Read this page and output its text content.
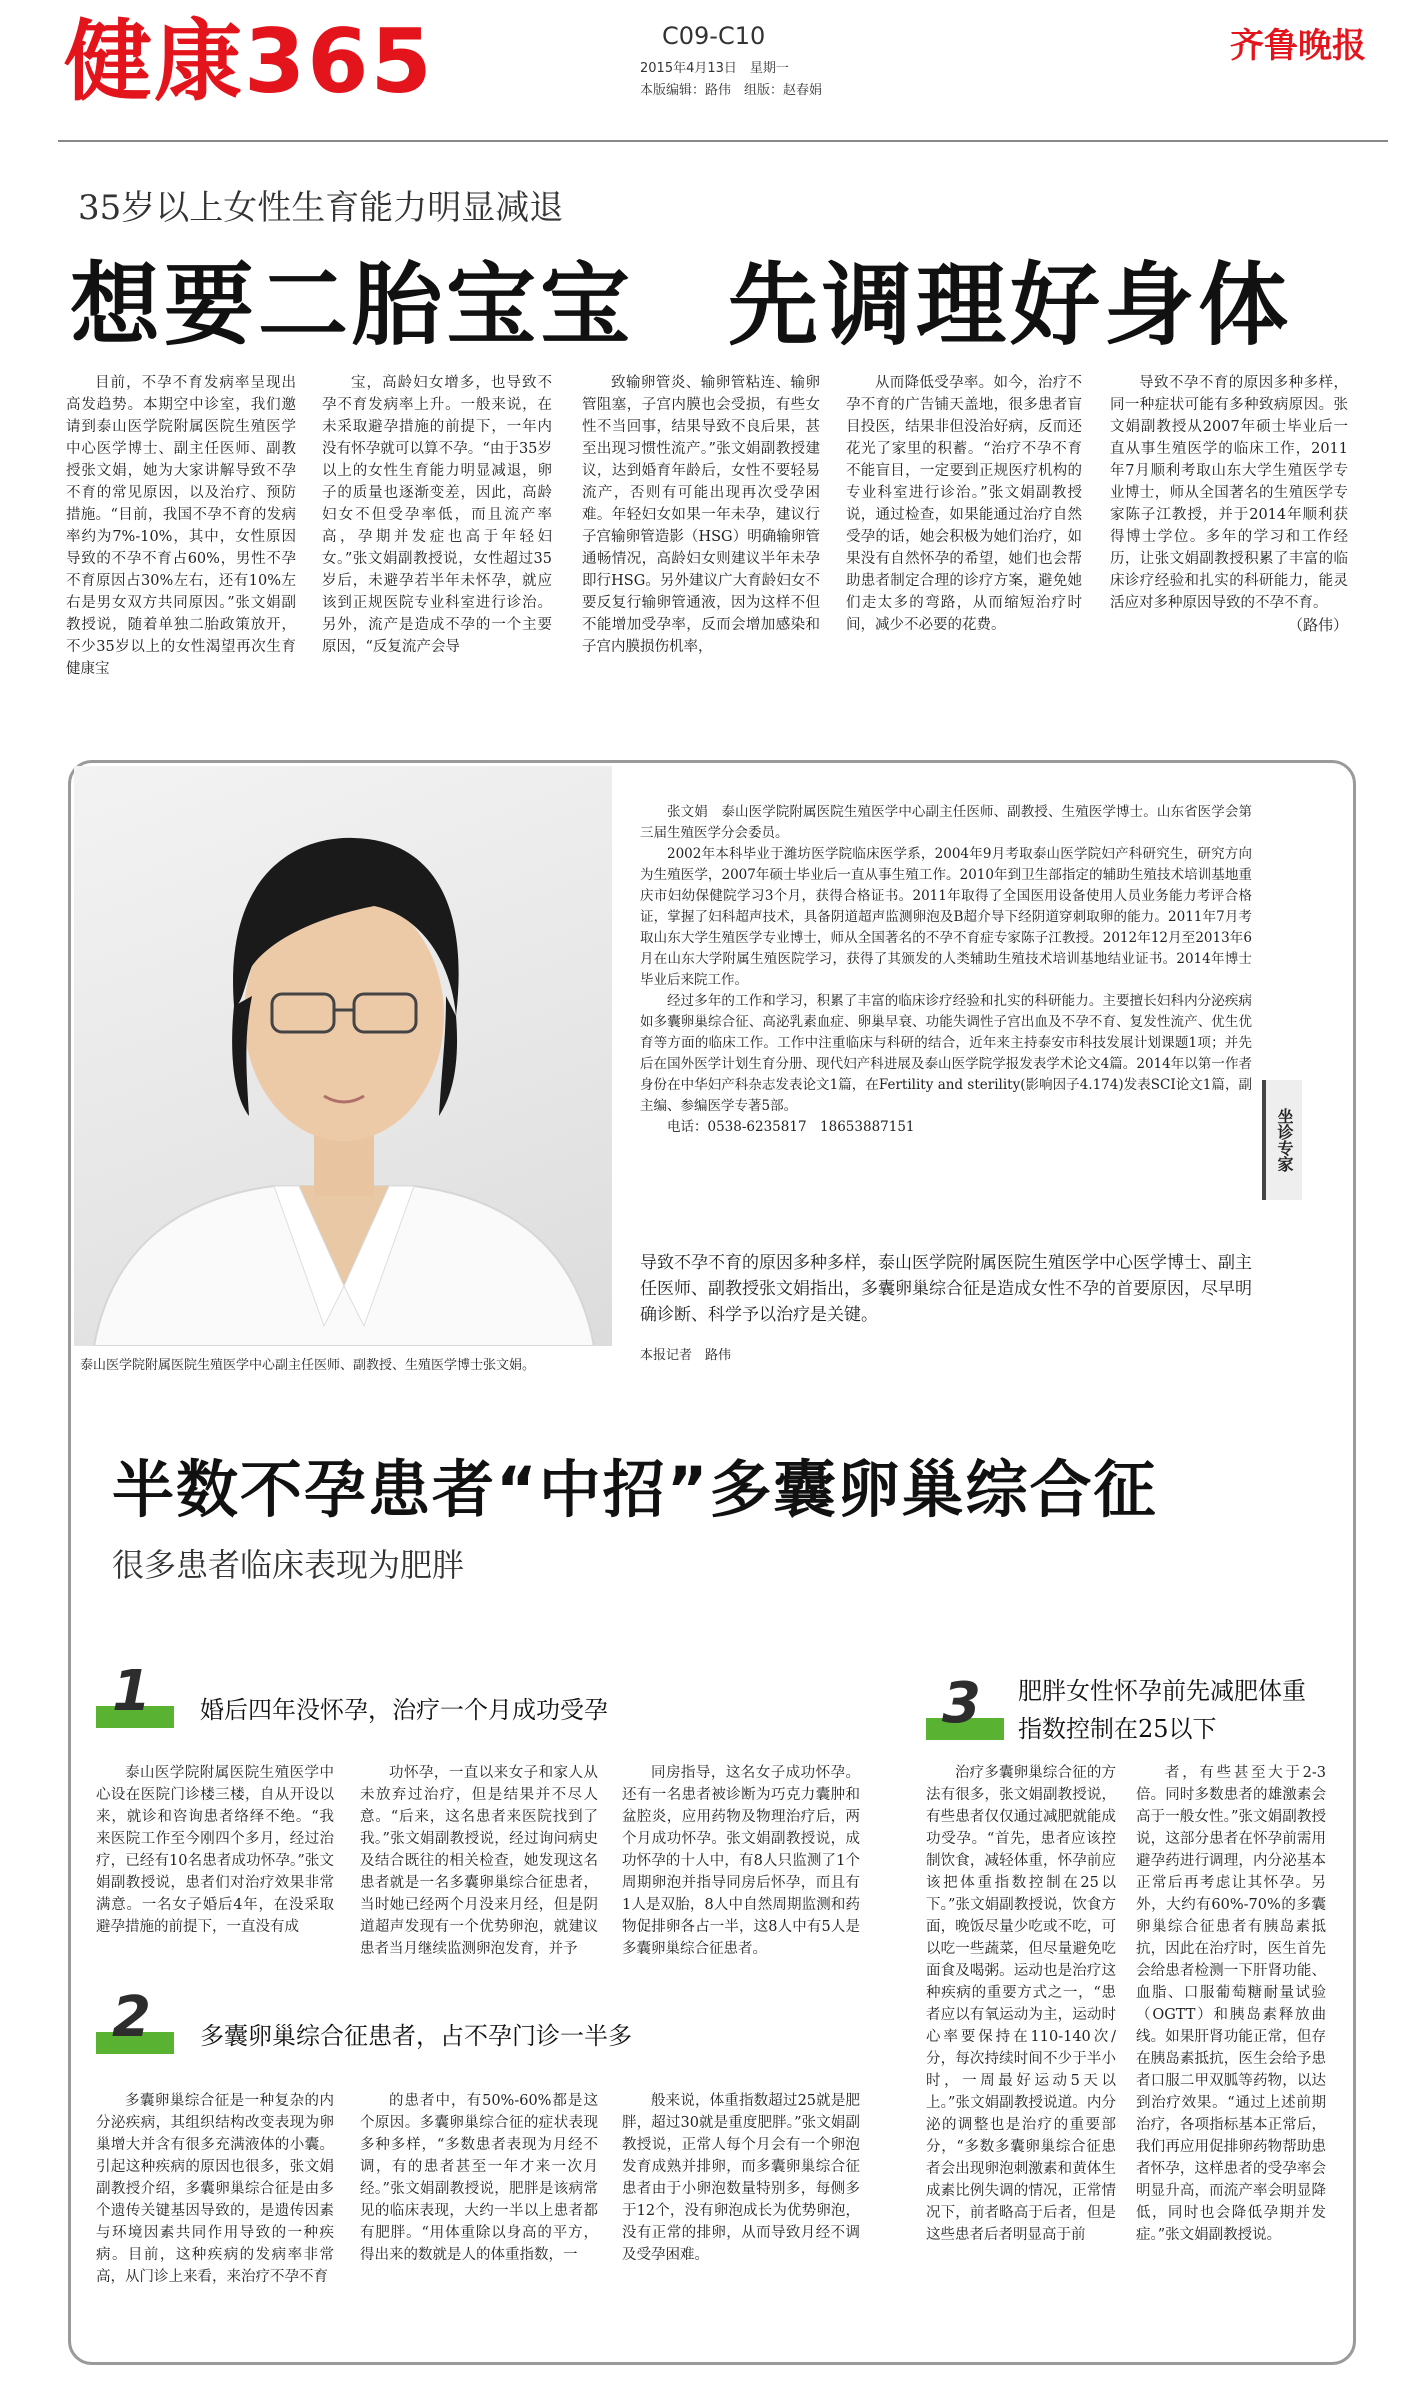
健康365	C09-C10
2015年4月13日　星期一
本版编辑：路伟　组版：赵春娟
齐鲁晚报
35岁以上女性生育能力明显减退
想要二胎宝宝　先调理好身体

目前，不孕不育发病率呈现出高发趋势。本期空中诊室，我们邀请到泰山医学院附属医院生殖医学中心医学博士、副主任医师、副教授张文娟，她为大家讲解导致不孕不育的常见原因，以及治疗、预防措施。“目前，我国不孕不育的发病率约为7%-10%，其中，女性原因导致的不孕不育占60%，男性不孕不育原因占30%左右，还有10%左右是男女双方共同原因。”张文娟副教授说，随着单独二胎政策放开，不少35岁以上的女性渴望再次生育健康宝

宝，高龄妇女增多，也导致不孕不育发病率上升。一般来说，在未采取避孕措施的前提下，一年内没有怀孕就可以算不孕。“由于35岁以上的女性生育能力明显减退，卵子的质量也逐渐变差，因此，高龄妇女不但受孕率低，而且流产率高，孕期并发症也高于年轻妇女。”张文娟副教授说，女性超过35岁后，未避孕若半年未怀孕，就应该到正规医院专业科室进行诊治。另外，流产是造成不孕的一个主要原因，“反复流产会导

致输卵管炎、输卵管粘连、输卵管阻塞，子宫内膜也会受损，有些女性不当回事，结果导致不良后果，甚至出现习惯性流产。”张文娟副教授建议，达到婚育年龄后，女性不要轻易流产，否则有可能出现再次受孕困难。年轻妇女如果一年未孕，建议行子宫输卵管造影（HSG）明确输卵管通畅情况，高龄妇女则建议半年未孕即行HSG。另外建议广大育龄妇女不要反复行输卵管通液，因为这样不但不能增加受孕率，反而会增加感染和子宫内膜损伤机率，

从而降低受孕率。如今，治疗不孕不育的广告铺天盖地，很多患者盲目投医，结果非但没治好病，反而还花光了家里的积蓄。“治疗不孕不育不能盲目，一定要到正规医疗机构的专业科室进行诊治。”张文娟副教授说，通过检查，如果能通过治疗自然受孕的话，她会积极为她们治疗，如果没有自然怀孕的希望，她们也会帮助患者制定合理的诊疗方案，避免她们走太多的弯路，从而缩短治疗时间，减少不必要的花费。

导致不孕不育的原因多种多样，同一种症状可能有多种致病原因。张文娟副教授从2007年硕士毕业后一直从事生殖医学的临床工作，2011年7月顺利考取山东大学生殖医学专业博士，师从全国著名的生殖医学专家陈子江教授，并于2014年顺利获得博士学位。多年的学习和工作经历，让张文娟副教授积累了丰富的临床诊疗经验和扎实的科研能力，能灵活应对多种原因导致的不孕不育。

（路伟）
泰山医学院附属医院生殖医学中心副主任医师、副教授、生殖医学博士张文娟。

张文娟　泰山医学院附属医院生殖医学中心副主任医师、副教授、生殖医学博士。山东省医学会第三届生殖医学分会委员。

2002年本科毕业于潍坊医学院临床医学系，2004年9月考取泰山医学院妇产科研究生，研究方向为生殖医学，2007年硕士毕业后一直从事生殖工作。2010年到卫生部指定的辅助生殖技术培训基地重庆市妇幼保健院学习3个月，获得合格证书。2011年取得了全国医用设备使用人员业务能力考评合格证，掌握了妇科超声技术，具备阴道超声监测卵泡及B超介导下经阴道穿刺取卵的能力。2011年7月考取山东大学生殖医学专业博士，师从全国著名的不孕不育症专家陈子江教授。2012年12月至2013年6月在山东大学附属生殖医院学习，获得了其颁发的人类辅助生殖技术培训基地结业证书。2014年博士毕业后来院工作。

经过多年的工作和学习，积累了丰富的临床诊疗经验和扎实的科研能力。主要擅长妇科内分泌疾病如多囊卵巢综合征、高泌乳素血症、卵巢早衰、功能失调性子宫出血及不孕不育、复发性流产、优生优育等方面的临床工作。工作中注重临床与科研的结合，近年来主持泰安市科技发展计划课题1项；并先后在国外医学计划生育分册、现代妇产科进展及泰山医学院学报发表学术论文4篇。2014年以第一作者身份在中华妇产科杂志发表论文1篇，在Fertility and sterility(影响因子4.174)发表SCI论文1篇，副主编、参编医学专著5部。

电话：0538-6235817　18653887151	坐诊专家
导致不孕不育的原因多种多样，泰山医学院附属医院生殖医学中心医学博士、副主任医师、副教授张文娟指出，多囊卵巢综合征是造成女性不孕的首要原因，尽早明确诊断、科学予以治疗是关键。
本报记者　路伟
半数不孕患者“中招”多囊卵巢综合征
很多患者临床表现为肥胖
1 婚后四年没怀孕，治疗一个月成功受孕

泰山医学院附属医院生殖医学中心设在医院门诊楼三楼，自从开设以来，就诊和咨询患者络绎不绝。“我来医院工作至今刚四个多月，经过治疗，已经有10名患者成功怀孕。”张文娟副教授说，患者们对治疗效果非常满意。一名女子婚后4年，在没采取避孕措施的前提下，一直没有成

功怀孕，一直以来女子和家人从未放弃过治疗，但是结果并不尽人意。“后来，这名患者来医院找到了我。”张文娟副教授说，经过询问病史及结合既往的相关检查，她发现这名患者就是一名多囊卵巢综合征患者，当时她已经两个月没来月经，但是阴道超声发现有一个优势卵泡，就建议患者当月继续监测卵泡发育，并予

同房指导，这名女子成功怀孕。还有一名患者被诊断为巧克力囊肿和盆腔炎，应用药物及物理治疗后，两个月成功怀孕。张文娟副教授说，成功怀孕的十人中，有8人只监测了1个周期卵泡并指导同房后怀孕，而且有1人是双胎，8人中自然周期监测和药物促排卵各占一半，这8人中有5人是多囊卵巢综合征患者。

2 多囊卵巢综合征患者，占不孕门诊一半多

多囊卵巢综合征是一种复杂的内分泌疾病，其组织结构改变表现为卵巢增大并含有很多充满液体的小囊。引起这种疾病的原因也很多，张文娟副教授介绍，多囊卵巢综合征是由多个遗传关键基因导致的，是遗传因素与环境因素共同作用导致的一种疾病。目前，这种疾病的发病率非常高，从门诊上来看，来治疗不孕不育

的患者中，有50%-60%都是这个原因。多囊卵巢综合征的症状表现多种多样，“多数患者表现为月经不调，有的患者甚至一年才来一次月经。”张文娟副教授说，肥胖是该病常见的临床表现，大约一半以上患者都有肥胖。“用体重除以身高的平方，得出来的数就是人的体重指数，一

般来说，体重指数超过25就是肥胖，超过30就是重度肥胖。”张文娟副教授说，正常人每个月会有一个卵泡发育成熟并排卵，而多囊卵巢综合征患者由于小卵泡数量特别多，每侧多于12个，没有卵泡成长为优势卵泡，没有正常的排卵，从而导致月经不调及受孕困难。

3 肥胖女性怀孕前先减肥体重指数控制在25以下

治疗多囊卵巢综合征的方法有很多，张文娟副教授说，有些患者仅仅通过减肥就能成功受孕。“首先，患者应该控制饮食，减轻体重，怀孕前应该把体重指数控制在25以下。”张文娟副教授说，饮食方面，晚饭尽量少吃或不吃，可以吃一些蔬菜，但尽量避免吃面食及喝粥。运动也是治疗这种疾病的重要方式之一，“患者应以有氧运动为主，运动时心率要保持在110-140次/分，每次持续时间不少于半小时，一周最好运动5天以上。”张文娟副教授说道。内分泌的调整也是治疗的重要部分，“多数多囊卵巢综合征患者会出现卵泡刺激素和黄体生成素比例失调的情况，正常情况下，前者略高于后者，但是这些患者后者明显高于前

者，有些甚至大于2-3倍。同时多数患者的雄激素会高于一般女性。”张文娟副教授说，这部分患者在怀孕前需用避孕药进行调理，内分泌基本正常后再考虑让其怀孕。另外，大约有60%-70%的多囊卵巢综合征患者有胰岛素抵抗，因此在治疗时，医生首先会给患者检测一下肝肾功能、血脂、口服葡萄糖耐量试验（OGTT）和胰岛素释放曲线。如果肝肾功能正常，但存在胰岛素抵抗，医生会给予患者口服二甲双胍等药物，以达到治疗效果。“通过上述前期治疗，各项指标基本正常后，我们再应用促排卵药物帮助患者怀孕，这样患者的受孕率会明显升高，而流产率会明显降低，同时也会降低孕期并发症。”张文娟副教授说。
